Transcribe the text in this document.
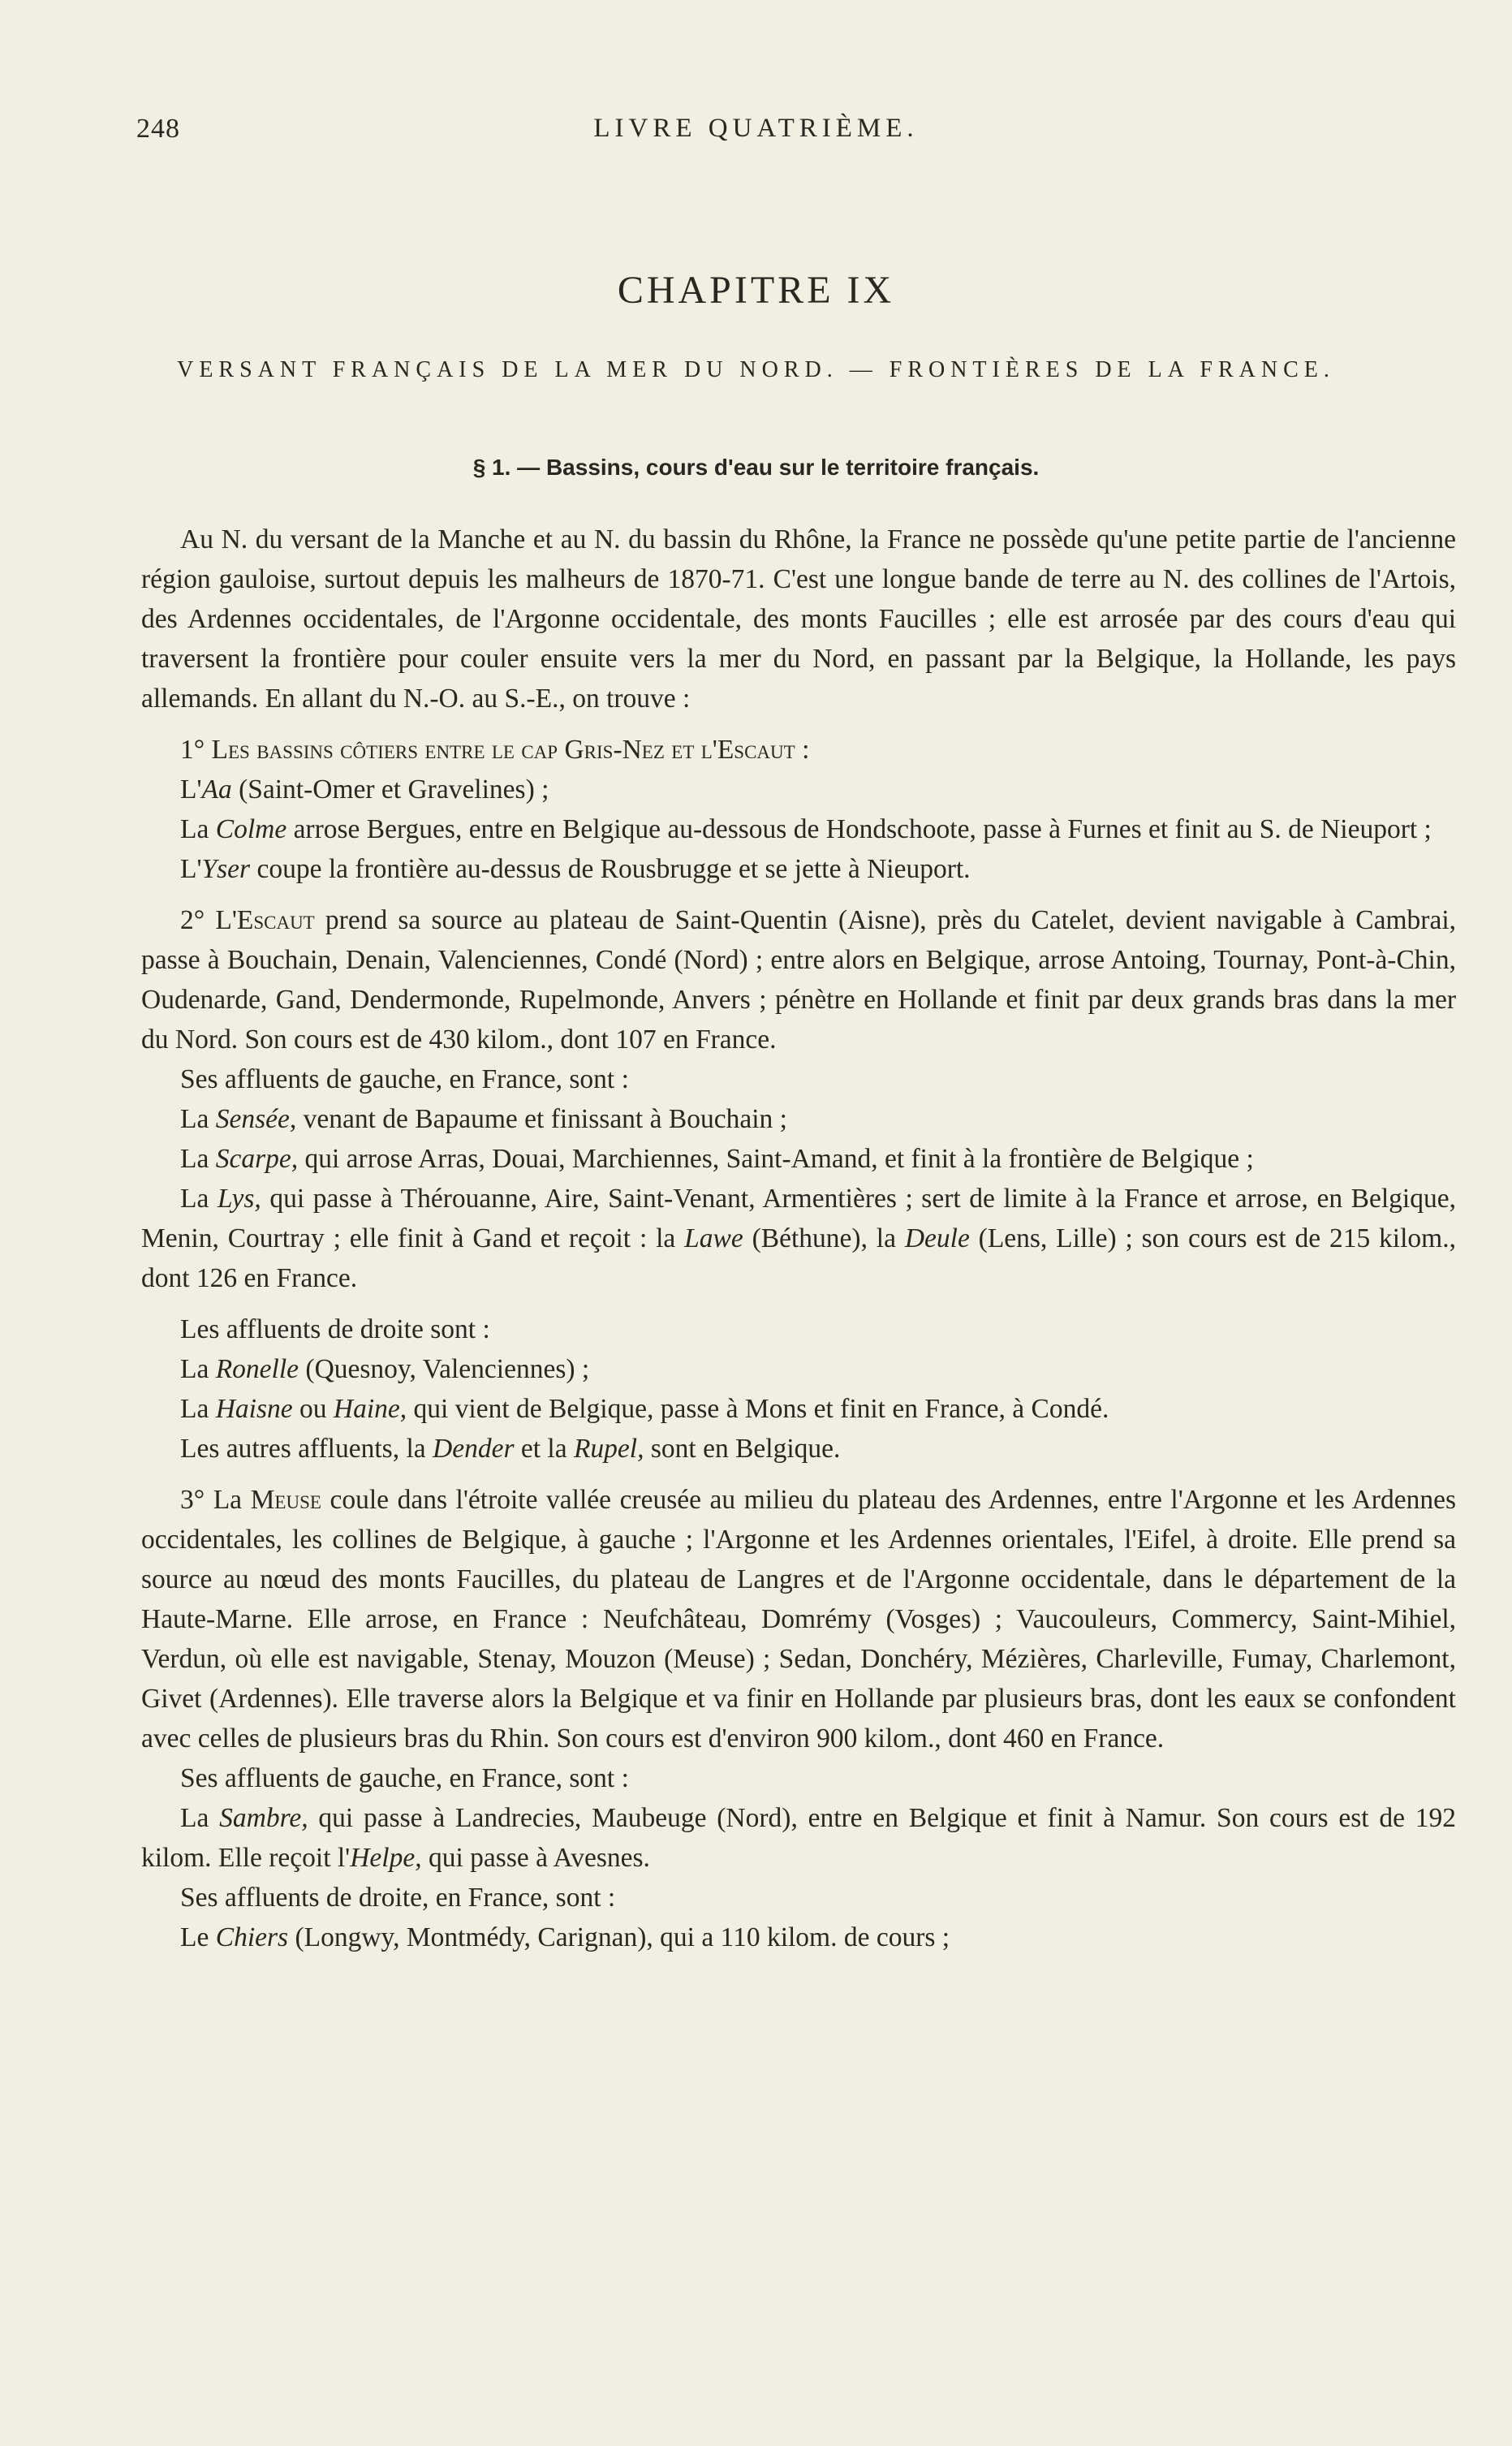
248	LIVRE QUATRIÈME.
CHAPITRE IX
VERSANT FRANÇAIS DE LA MER DU NORD. — FRONTIÈRES DE LA FRANCE.
§ 1. — Bassins, cours d'eau sur le territoire français.

Au N. du versant de la Manche et au N. du bassin du Rhône, la France ne possède qu'une petite partie de l'ancienne région gauloise, surtout depuis les malheurs de 1870-71. C'est une longue bande de terre au N. des collines de l'Artois, des Ardennes occidentales, de l'Argonne occidentale, des monts Faucilles ; elle est arrosée par des cours d'eau qui traversent la frontière pour couler ensuite vers la mer du Nord, en passant par la Belgique, la Hollande, les pays allemands. En allant du N.-O. au S.-E., on trouve :

1° Les bassins côtiers entre le cap Gris-Nez et l'Escaut :

L'Aa (Saint-Omer et Gravelines) ;

La Colme arrose Bergues, entre en Belgique au-dessous de Hondschoote, passe à Furnes et finit au S. de Nieuport ;

L'Yser coupe la frontière au-dessus de Rousbrugge et se jette à Nieuport.

2° L'Escaut prend sa source au plateau de Saint-Quentin (Aisne), près du Catelet, devient navigable à Cambrai, passe à Bouchain, Denain, Valenciennes, Condé (Nord) ; entre alors en Belgique, arrose Antoing, Tournay, Pont-à-Chin, Oudenarde, Gand, Dendermonde, Rupelmonde, Anvers ; pénètre en Hollande et finit par deux grands bras dans la mer du Nord. Son cours est de 430 kilom., dont 107 en France.

Ses affluents de gauche, en France, sont :

La Sensée, venant de Bapaume et finissant à Bouchain ;

La Scarpe, qui arrose Arras, Douai, Marchiennes, Saint-Amand, et finit à la frontière de Belgique ;

La Lys, qui passe à Thérouanne, Aire, Saint-Venant, Armentières ; sert de limite à la France et arrose, en Belgique, Menin, Courtray ; elle finit à Gand et reçoit : la Lawe (Béthune), la Deule (Lens, Lille) ; son cours est de 215 kilom., dont 126 en France.

Les affluents de droite sont :

La Ronelle (Quesnoy, Valenciennes) ;

La Haisne ou Haine, qui vient de Belgique, passe à Mons et finit en France, à Condé.

Les autres affluents, la Dender et la Rupel, sont en Belgique.

3° La Meuse coule dans l'étroite vallée creusée au milieu du plateau des Ardennes, entre l'Argonne et les Ardennes occidentales, les collines de Belgique, à gauche ; l'Argonne et les Ardennes orientales, l'Eifel, à droite. Elle prend sa source au nœud des monts Faucilles, du plateau de Langres et de l'Argonne occidentale, dans le département de la Haute-Marne. Elle arrose, en France : Neufchâteau, Domrémy (Vosges) ; Vaucouleurs, Commercy, Saint-Mihiel, Verdun, où elle est navigable, Stenay, Mouzon (Meuse) ; Sedan, Donchéry, Mézières, Charleville, Fumay, Charlemont, Givet (Ardennes). Elle traverse alors la Belgique et va finir en Hollande par plusieurs bras, dont les eaux se confondent avec celles de plusieurs bras du Rhin. Son cours est d'environ 900 kilom., dont 460 en France.

Ses affluents de gauche, en France, sont :

La Sambre, qui passe à Landrecies, Maubeuge (Nord), entre en Belgique et finit à Namur. Son cours est de 192 kilom. Elle reçoit l'Helpe, qui passe à Avesnes.

Ses affluents de droite, en France, sont :

Le Chiers (Longwy, Montmédy, Carignan), qui a 110 kilom. de cours ;
